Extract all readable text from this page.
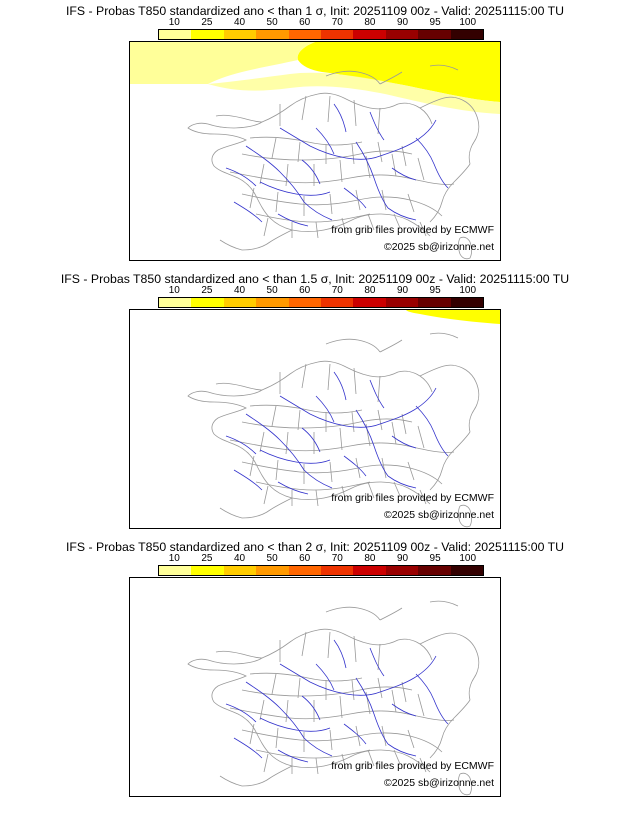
IFS - Probas T850 standardized ano < than 1 σ, Init: 20251109 00z - Valid: 20251115:00 TU
10 25 40 50 60 70 80 90 95 100
from grib files provided by ECMWF
©2025 sb@irizonne.net
IFS - Probas T850 standardized ano < than 1.5 σ, Init: 20251109 00z - Valid: 20251115:00 TU
10 25 40 50 60 70 80 90 95 100
from grib files provided by ECMWF
©2025 sb@irizonne.net
IFS - Probas T850 standardized ano < than 2 σ, Init: 20251109 00z - Valid: 20251115:00 TU
10 25 40 50 60 70 80 90 95 100
from grib files provided by ECMWF
©2025 sb@irizonne.net
